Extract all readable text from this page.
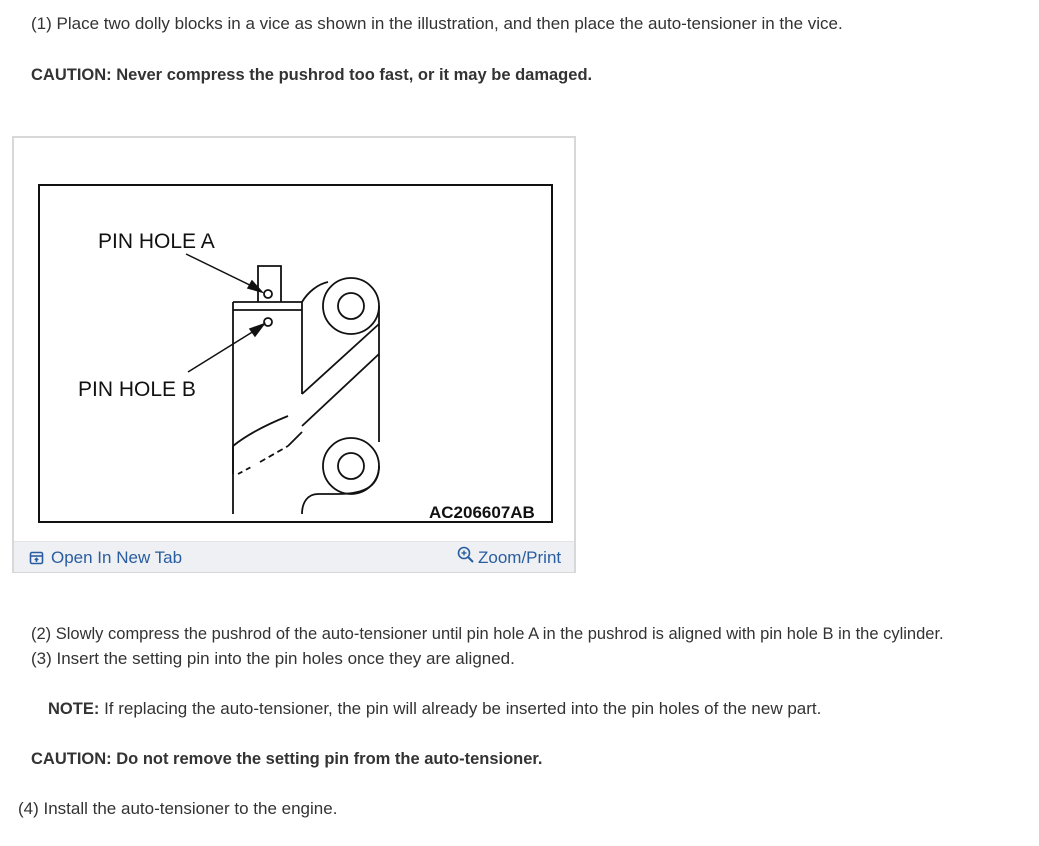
(1) Place two dolly blocks in a vice as shown in the illustration, and then place the auto-tensioner in the vice.
CAUTION: Never compress the pushrod too fast, or it may be damaged.
PIN HOLE A
PIN HOLE B
AC206607AB
Open In New Tab	Zoom/Print
(2) Slowly compress the pushrod of the auto-tensioner until pin hole A in the pushrod is aligned with pin hole B in the cylinder.
(3) Insert the setting pin into the pin holes once they are aligned.
NOTE: If replacing the auto-tensioner, the pin will already be inserted into the pin holes of the new part.
CAUTION: Do not remove the setting pin from the auto-tensioner.
(4) Install the auto-tensioner to the engine.
